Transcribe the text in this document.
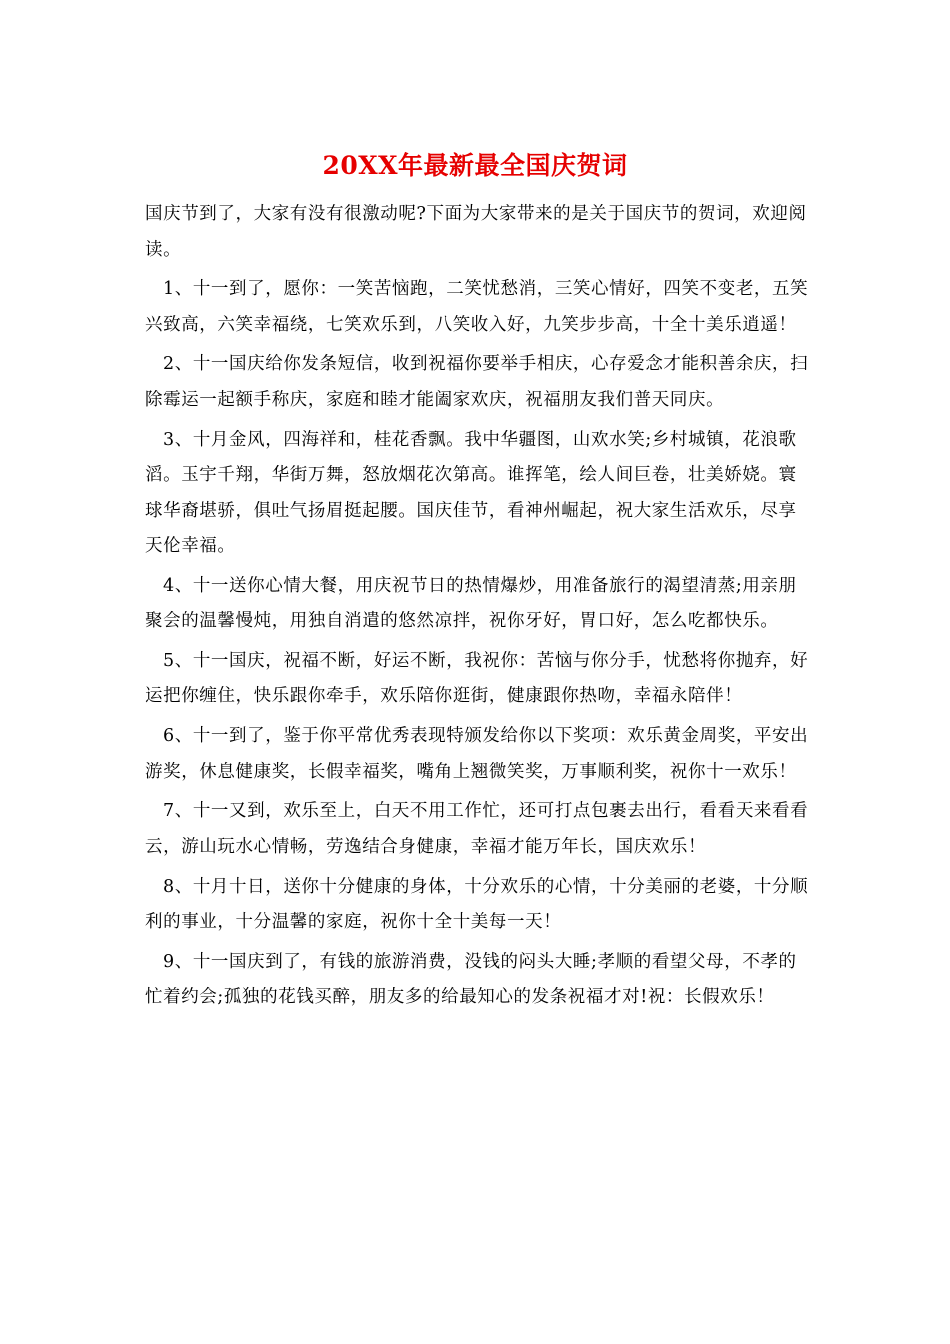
20XX年最新最全国庆贺词

国庆节到了，大家有没有很激动呢?下面为大家带来的是关于国庆节的贺词，欢迎阅读。

1、十一到了，愿你：一笑苦恼跑，二笑忧愁消，三笑心情好，四笑不变老，五笑兴致高，六笑幸福绕，七笑欢乐到，八笑收入好，九笑步步高，十全十美乐逍遥！

2、十一国庆给你发条短信，收到祝福你要举手相庆，心存爱念才能积善余庆，扫除霉运一起额手称庆，家庭和睦才能阖家欢庆，祝福朋友我们普天同庆。

3、十月金风，四海祥和，桂花香飘。我中华疆图，山欢水笑;乡村城镇，花浪歌滔。玉宇千翔，华街万舞，怒放烟花次第高。谁挥笔，绘人间巨卷，壮美娇娆。寰球华裔堪骄，俱吐气扬眉挺起腰。国庆佳节，看神州崛起，祝大家生活欢乐，尽享天伦幸福。

4、十一送你心情大餐，用庆祝节日的热情爆炒，用准备旅行的渴望清蒸;用亲朋聚会的温馨慢炖，用独自消遣的悠然凉拌，祝你牙好，胃口好，怎么吃都快乐。

5、十一国庆，祝福不断，好运不断，我祝你：苦恼与你分手，忧愁将你抛弃，好运把你缠住，快乐跟你牵手，欢乐陪你逛街，健康跟你热吻，幸福永陪伴！

6、十一到了，鉴于你平常优秀表现特颁发给你以下奖项：欢乐黄金周奖，平安出游奖，休息健康奖，长假幸福奖，嘴角上翘微笑奖，万事顺利奖，祝你十一欢乐！

7、十一又到，欢乐至上，白天不用工作忙，还可打点包裹去出行，看看天来看看云，游山玩水心情畅，劳逸结合身健康，幸福才能万年长，国庆欢乐！

8、十月十日，送你十分健康的身体，十分欢乐的心情，十分美丽的老婆，十分顺利的事业，十分温馨的家庭，祝你十全十美每一天！

9、十一国庆到了，有钱的旅游消费，没钱的闷头大睡;孝顺的看望父母，不孝的忙着约会;孤独的花钱买醉，朋友多的给最知心的发条祝福才对!祝：长假欢乐！
